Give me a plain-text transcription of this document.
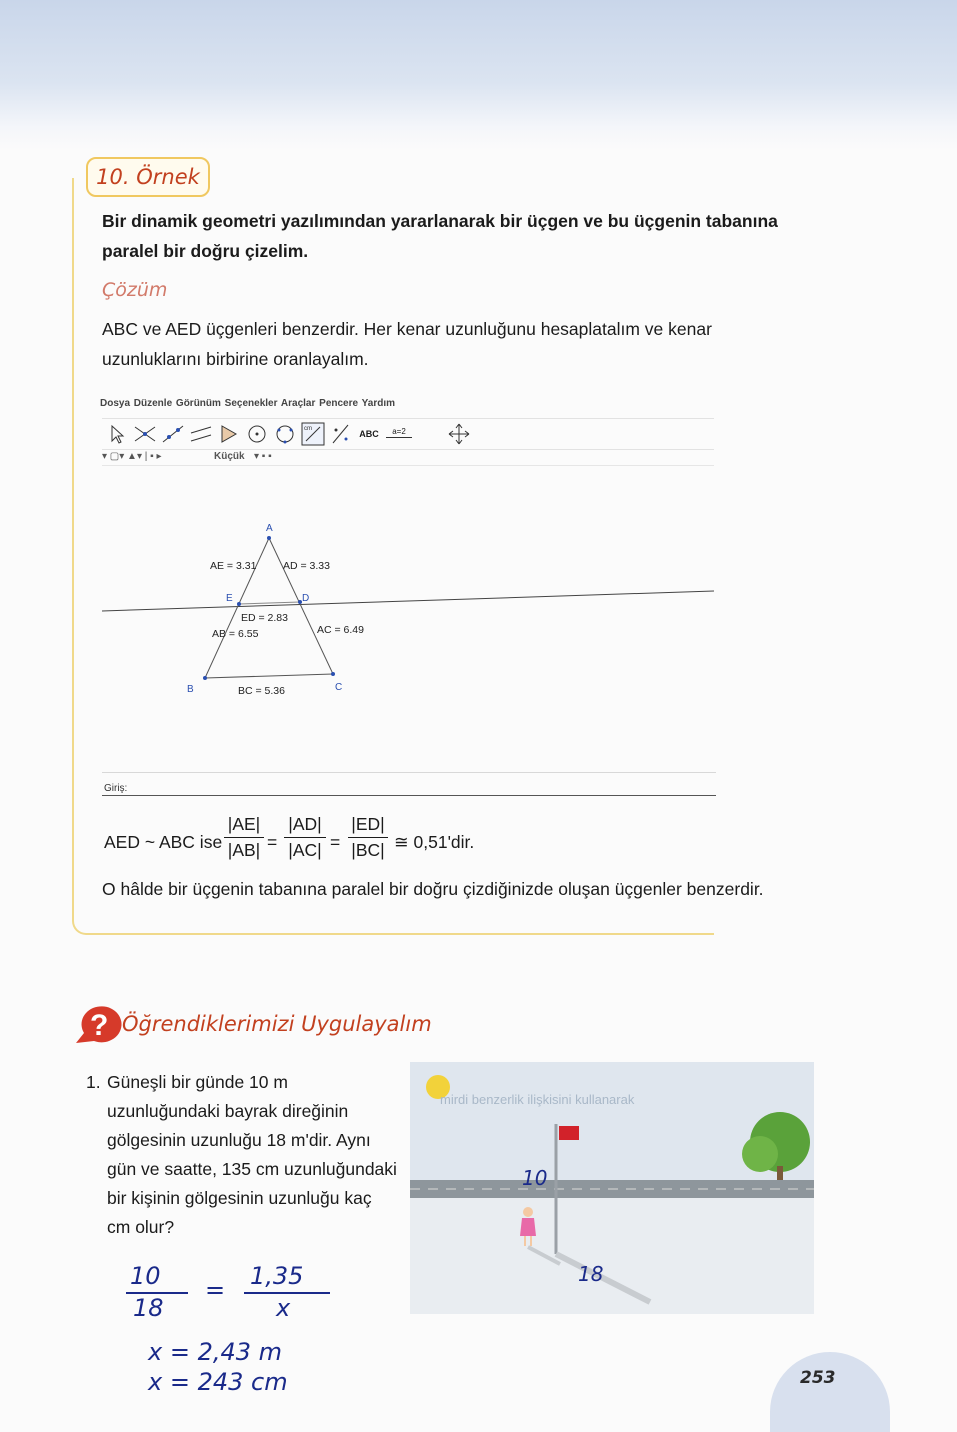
10. Örnek

Bir dinamik geometri yazılımından yararlanarak bir üçgen ve bu üçgenin tabanına paralel bir doğru çizelim.

Çözüm

ABC ve AED üçgenleri benzerdir. Her kenar uzunluğunu hesaplatalım ve kenar uzunluklarını birbirine oranlayalım.

Dosya Düzenle Görünüm Seçenekler Araçlar Pencere Yardım
cm	ABC	a=2
▾ ▢▾ ▲▾ | ▪ ▸	Küçük ▾ ▪ ▪
A
B	C
D
E
AE = 3.31	AD = 3.33
ED = 2.83
AB = 6.55	AC = 6.49
BC = 5.36
Giriş:
AED ~ ABC ise
|AE|
|AB| =
|AD|
|AC| =
|ED|
|BC| ≅ 0,51'dir.

O hâlde bir üçgenin tabanına paralel bir doğru çizdiğinizde oluşan üçgenler benzerdir.

? Öğrendiklerimizi Uygulayalım
1. Güneşli bir günde 10 m uzunluğundaki bayrak direğinin gölgesinin uzunluğu 18 m'dir. Aynı gün ve saatte, 135 cm uzunluğundaki bir kişinin gölgesinin uzunluğu kaç cm olur?
mirdi benzerlik ilişkisini kullanarak
10
18
10
18
= 1,35
x
x = 2,43 m
x = 243 cm	253
